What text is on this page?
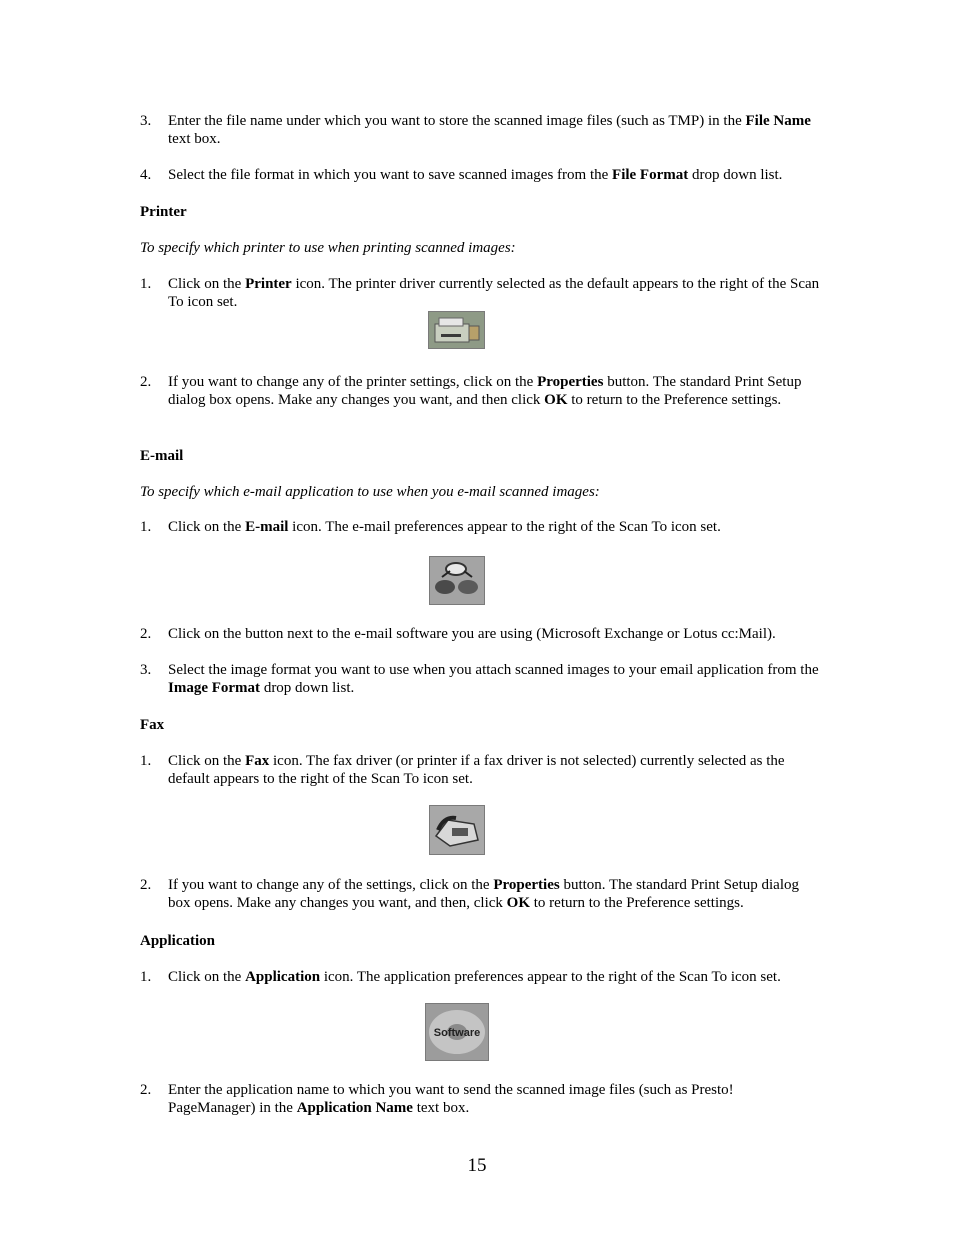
3.	Enter the file name under which you want to store the scanned image files (such as TMP) in the File Name text box.
4.	Select the file format in which you want to save scanned images from the File Format drop down list.
Printer
To specify which printer to use when printing scanned images:
1.	Click on the Printer icon. The printer driver currently selected as the default appears to the right of the Scan To icon set.
2.	If you want to change any of the printer settings, click on the Properties button. The standard Print Setup dialog box opens. Make any changes you want, and then click OK to return to the Preference settings.
E-mail
To specify which e-mail application to use when you e-mail scanned images:
1.	Click on the E-mail icon. The e-mail preferences appear to the right of the Scan To icon set.
2.	Click on the button next to the e-mail software you are using (Microsoft Exchange or Lotus cc:Mail).
3.	Select the image format you want to use when you attach scanned images to your email application from the Image Format drop down list.
Fax
1.	Click on the Fax icon. The fax driver (or printer if a fax driver is not selected) currently selected as the default appears to the right of the Scan To icon set.
2.	If you want to change any of the settings, click on the Properties button. The standard Print Setup dialog box opens. Make any changes you want, and then, click OK to return to the Preference settings.
Application
1.	Click on the Application icon. The application preferences appear to the right of the Scan To icon set.
Software
2.	Enter the application name to which you want to send the scanned image files (such as Presto! PageManager) in the Application Name text box.
15
